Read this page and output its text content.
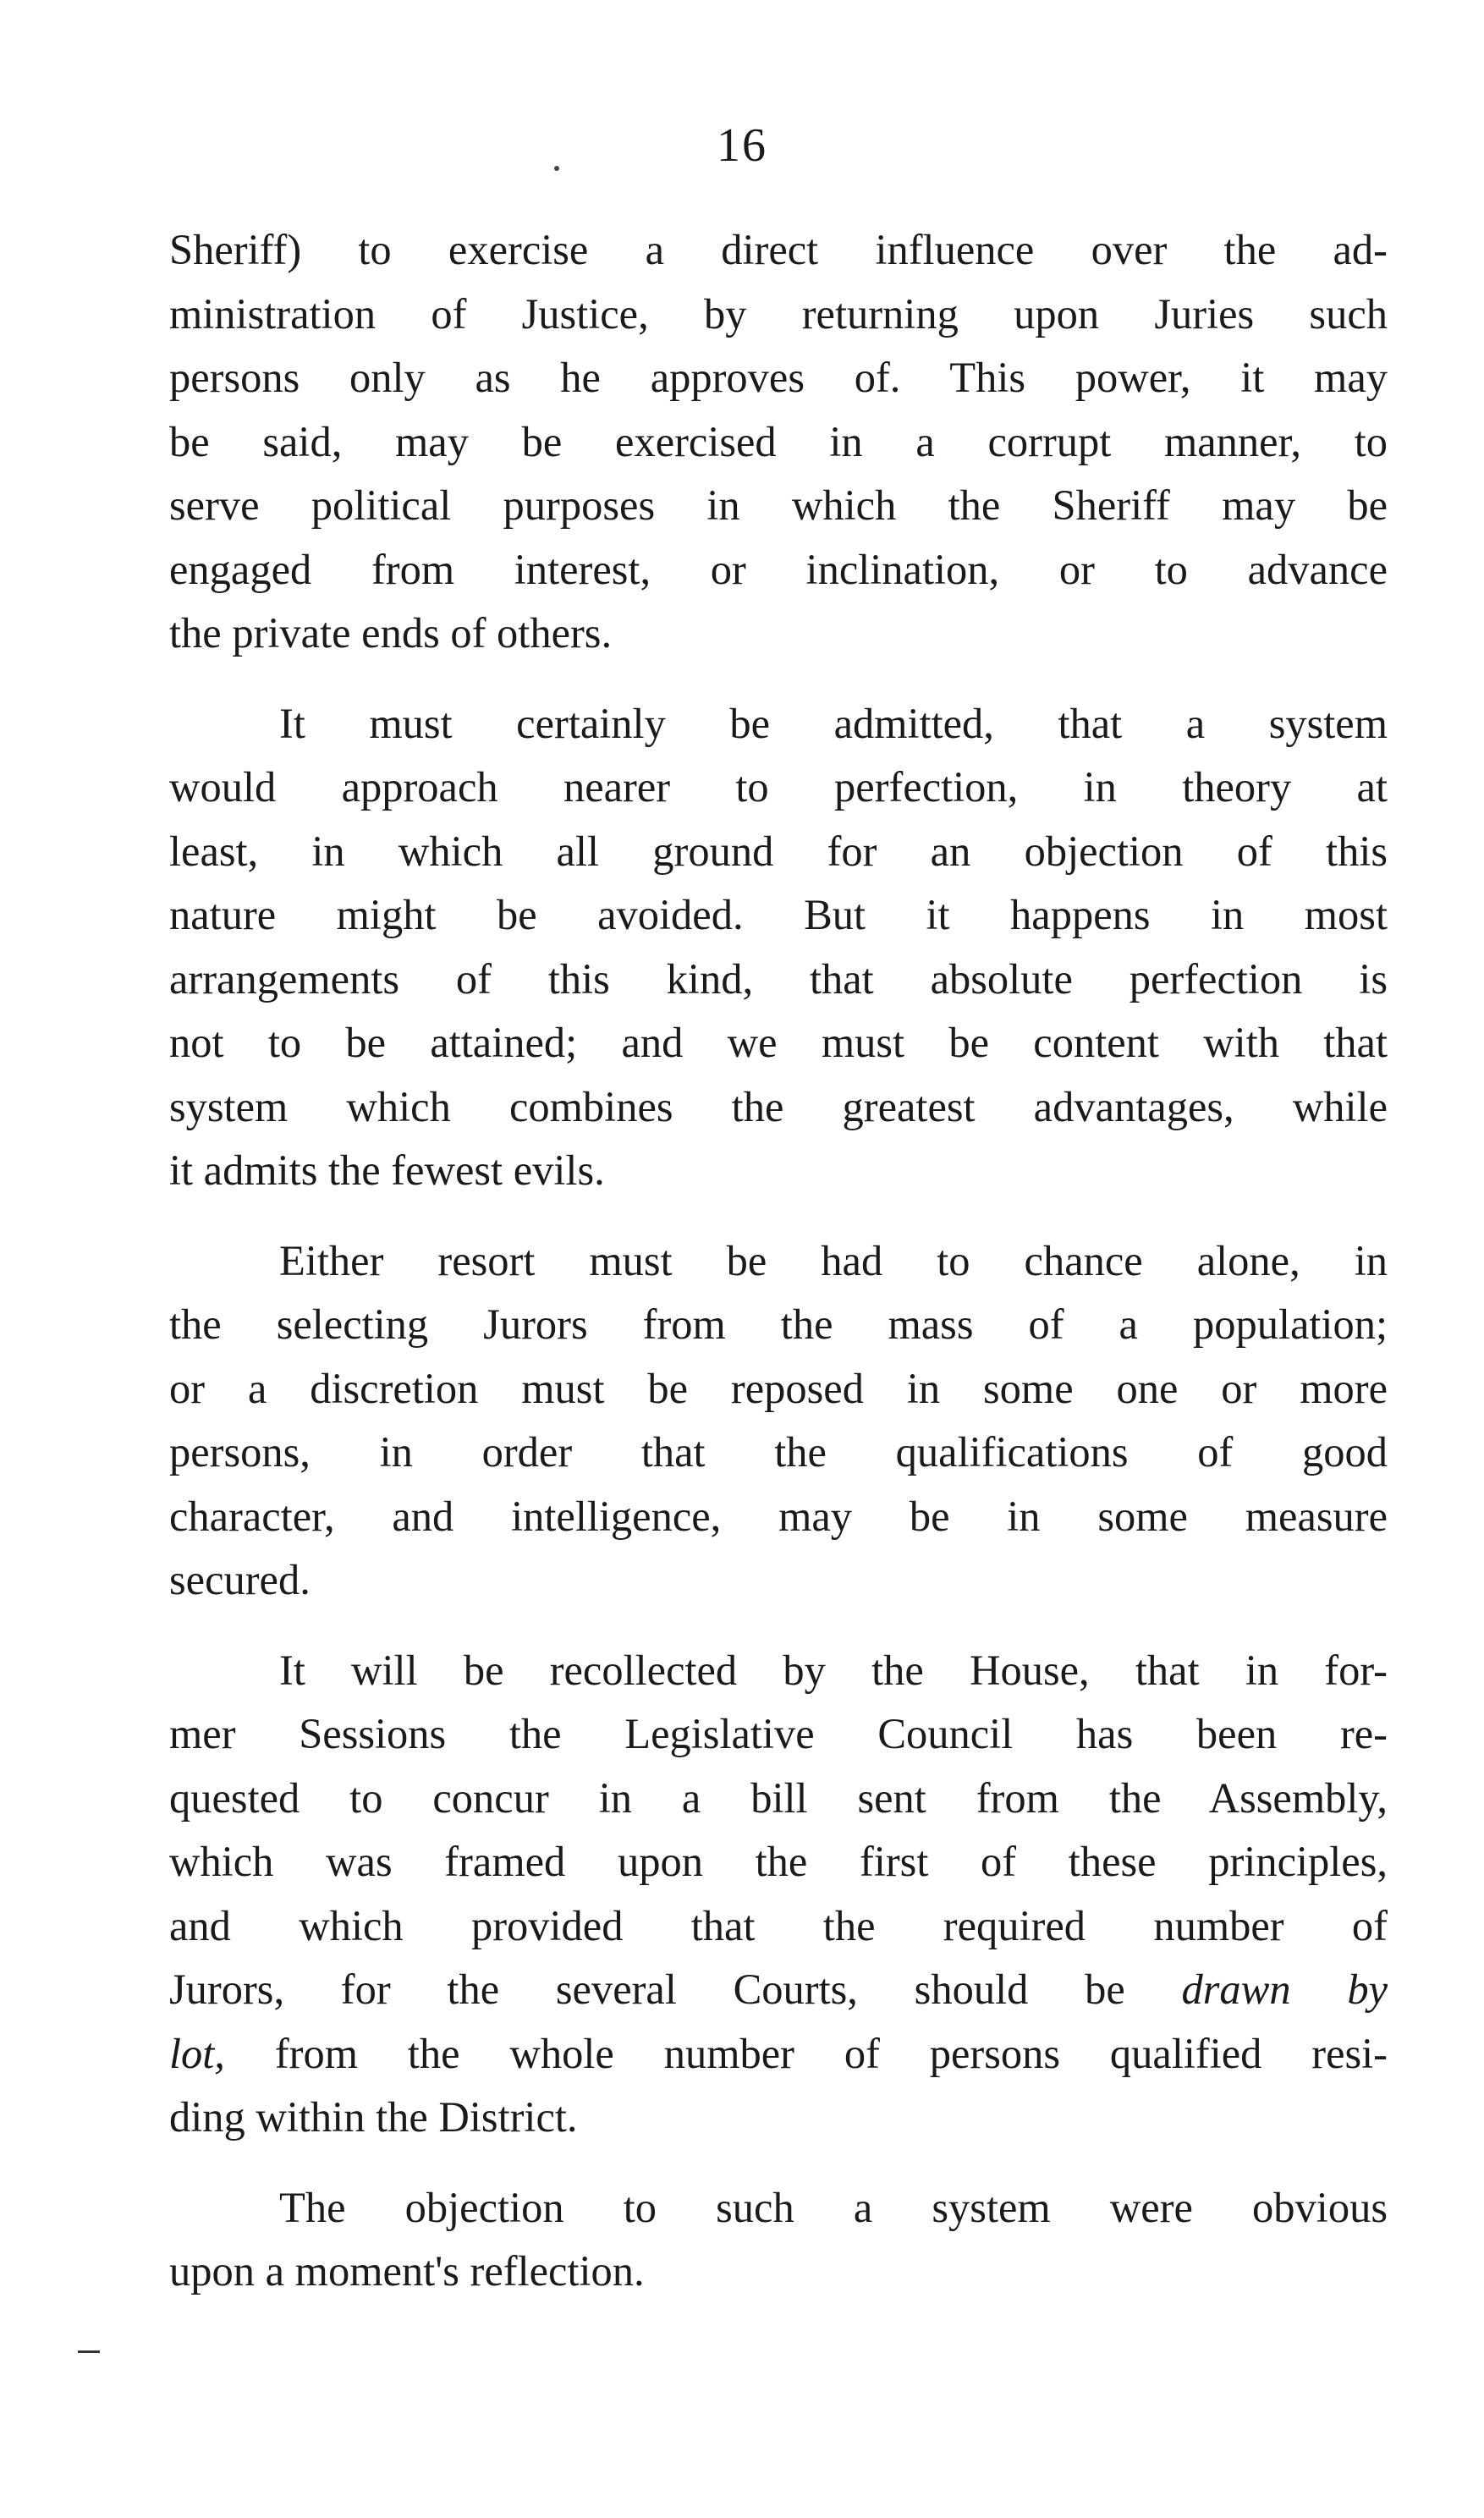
16
Sheriff) to exercise a direct influence over the ad-
ministration of Justice, by returning upon Juries such
persons only as he approves of. This power, it may
be said, may be exercised in a corrupt manner, to
serve political purposes in which the Sheriff may be
engaged from interest, or inclination, or to advance
the private ends of others.
It must certainly be admitted, that a system
would approach nearer to perfection, in theory at
least, in which all ground for an objection of this
nature might be avoided. But it happens in most
arrangements of this kind, that absolute perfection is
not to be attained; and we must be content with that
system which combines the greatest advantages, while
it admits the fewest evils.
Either resort must be had to chance alone, in
the selecting Jurors from the mass of a population;
or a discretion must be reposed in some one or more
persons, in order that the qualifications of good
character, and intelligence, may be in some measure
secured.
It will be recollected by the House, that in for-
mer Sessions the Legislative Council has been re-
quested to concur in a bill sent from the Assembly,
which was framed upon the first of these principles,
and which provided that the required number of
Jurors, for the several Courts, should be drawn by
lot, from the whole number of persons qualified resi-
ding within the District.
The objection to such a system were obvious
upon a moment's reflection.
